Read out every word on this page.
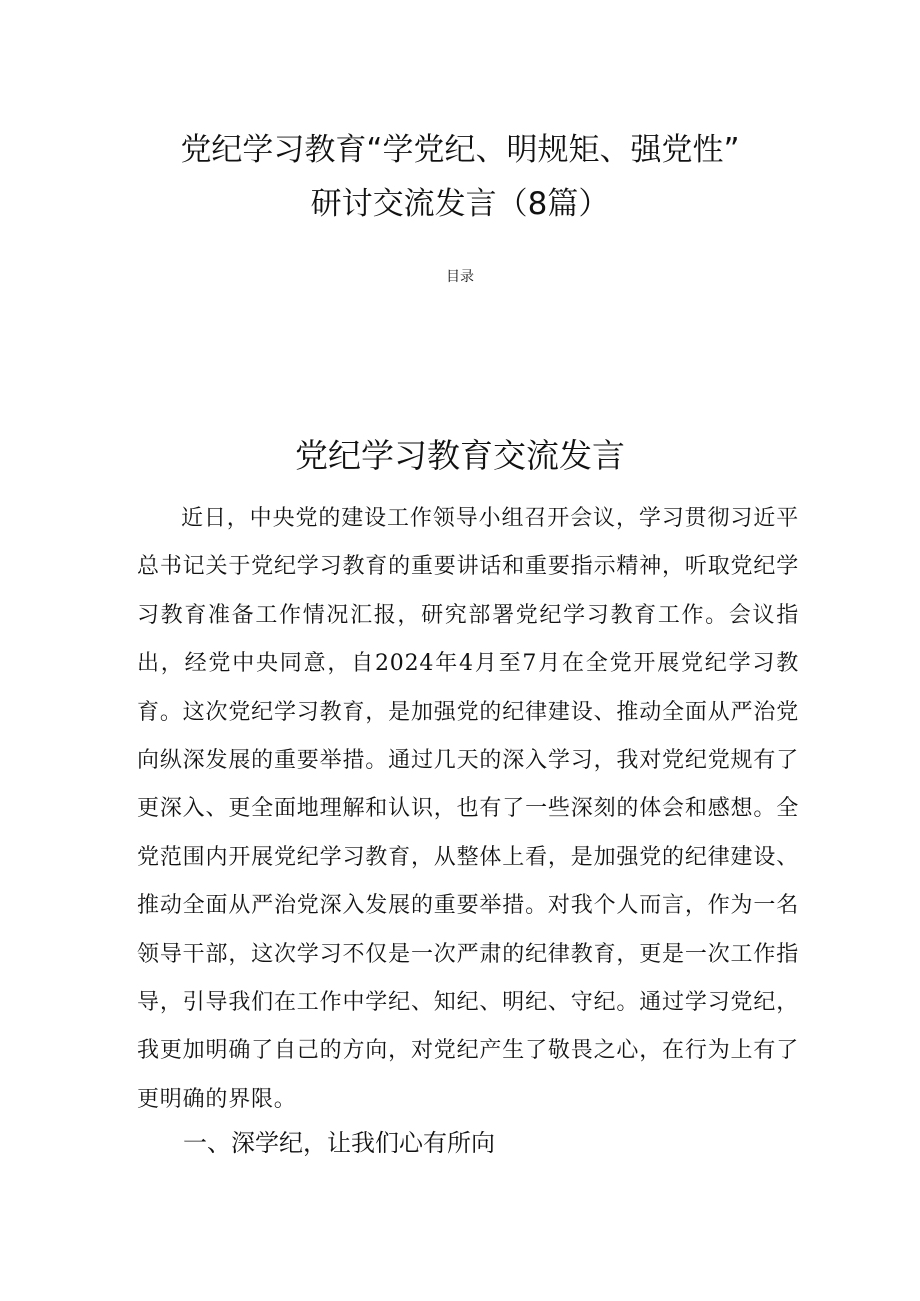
党纪学习教育“学党纪、明规矩、强党性”
研讨交流发言（8篇）
目录
党纪学习教育交流发言

近日，中央党的建设工作领导小组召开会议，学习贯彻习近平总书记关于党纪学习教育的重要讲话和重要指示精神，听取党纪学习教育准备工作情况汇报，研究部署党纪学习教育工作。会议指出，经党中央同意，自2024年4月至7月在全党开展党纪学习教育。这次党纪学习教育，是加强党的纪律建设、推动全面从严治党向纵深发展的重要举措。通过几天的深入学习，我对党纪党规有了更深入、更全面地理解和认识，也有了一些深刻的体会和感想。全党范围内开展党纪学习教育，从整体上看，是加强党的纪律建设、推动全面从严治党深入发展的重要举措。对我个人而言，作为一名领导干部，这次学习不仅是一次严肃的纪律教育，更是一次工作指导，引导我们在工作中学纪、知纪、明纪、守纪。通过学习党纪，我更加明确了自己的方向，对党纪产生了敬畏之心，在行为上有了更明确的界限。

一、深学纪，让我们心有所向
